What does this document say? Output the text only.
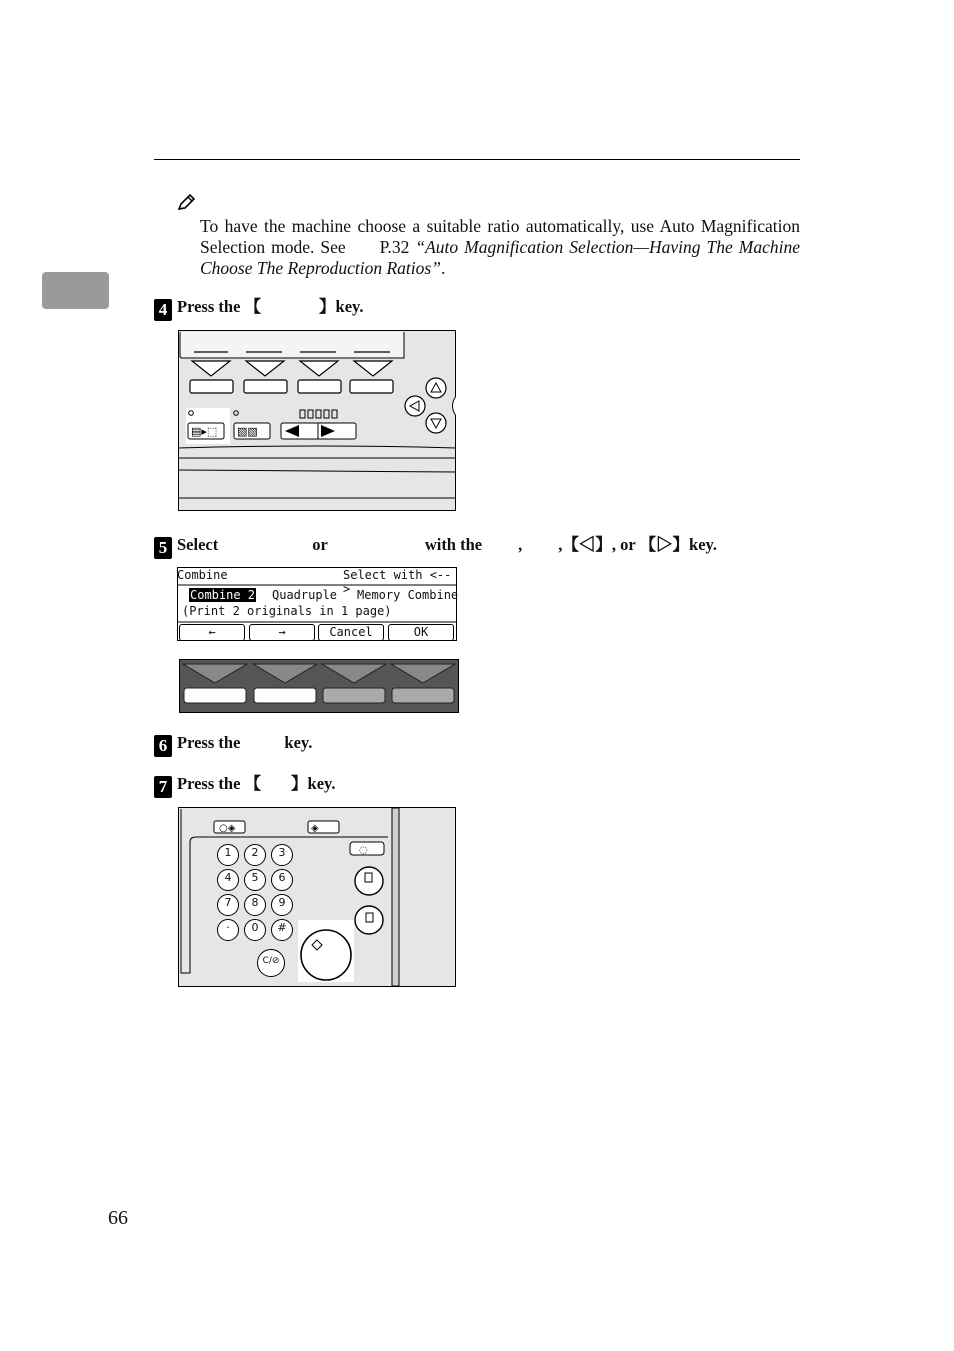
To have the machine choose a suitable ratio automatically, use Auto Magnification Selection mode. See P.32 “Auto Magnification Selection—Having The Machine Choose The Reproduction Ratios”.
4 Press the 【	】key.
▤▸⬚ ▧▧
5 Select	or	with the , ,【◁】, or 【▷】key.
Combine	Select with <-->
Combine 2 Quadruple Memory Combine
(Print 2 originals in 1 page)
←	→	Cancel	OK
6 Press the	key.
7 Press the 【 】key.
○◈	◈
◌
1	2	3
4	5	6
7	8	9
·	0	#
C/⊘
66
